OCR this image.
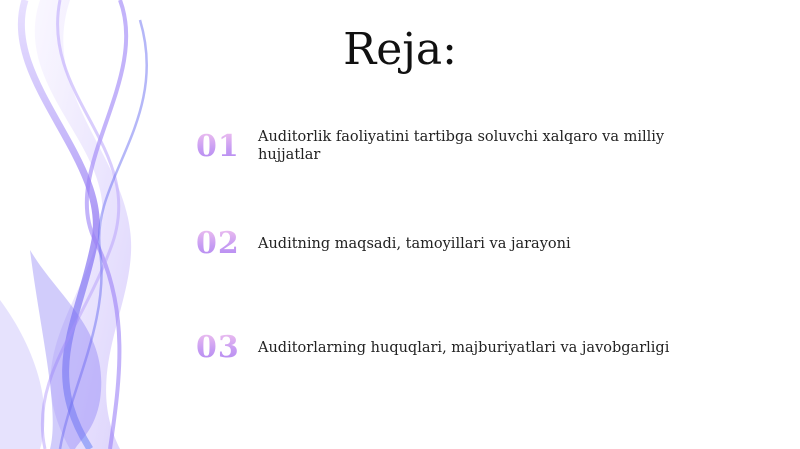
Reja:
01	Auditorlik faoliyatini tartibga soluvchi xalqaro va milliy hujjatlar
02	Auditning maqsadi, tamoyillari va jarayoni
03	Auditorlarning huquqlari, majburiyatlari va javobgarligi
